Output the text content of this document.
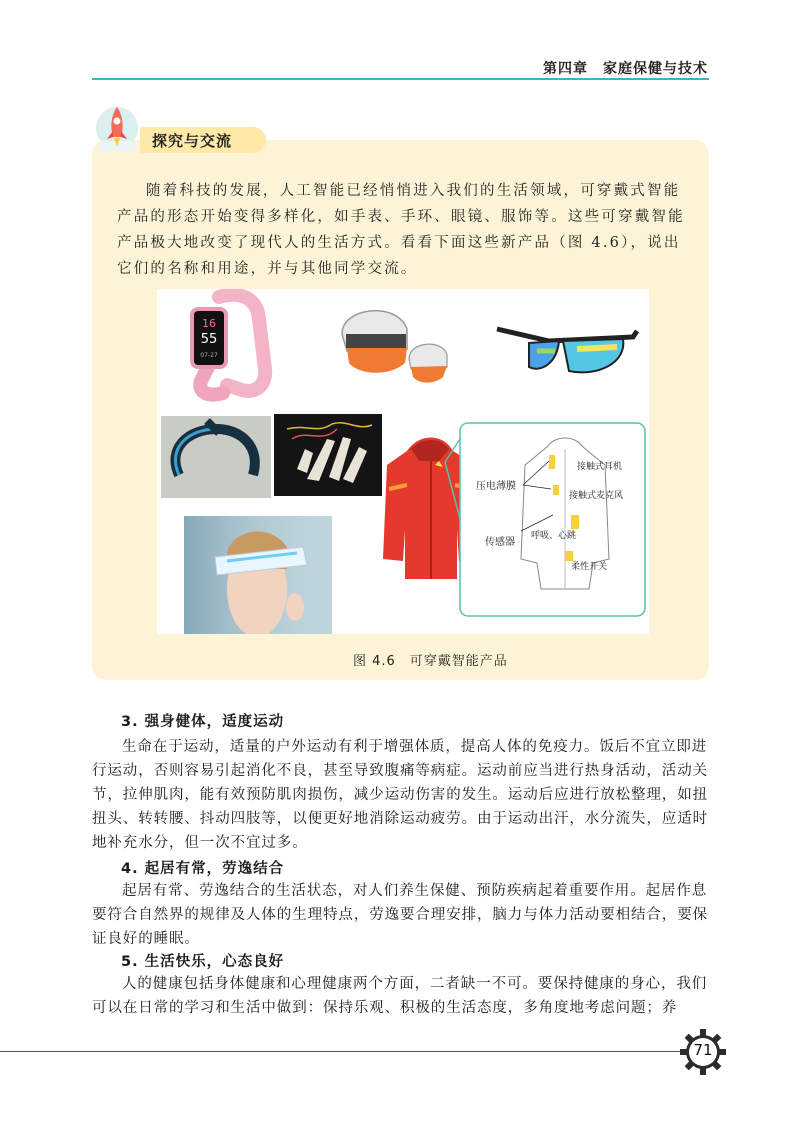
第四章　家庭保健与技术
探究与交流

随着科技的发展，人工智能已经悄悄进入我们的生活领域，可穿戴式智能产品的形态开始变得多样化，如手表、手环、眼镜、服饰等。这些可穿戴智能产品极大地改变了现代人的生活方式。看看下面这些新产品（图 4.6），说出它们的名称和用途，并与其他同学交流。

16
55
07-27
压电薄膜
接触式耳机
接触式麦克风
传感器
呼吸、心跳
柔性开关
图 4.6　可穿戴智能产品
3. 强身健体，适度运动

生命在于运动，适量的户外运动有利于增强体质，提高人体的免疫力。饭后不宜立即进行运动，否则容易引起消化不良，甚至导致腹痛等病症。运动前应当进行热身活动，活动关节，拉伸肌肉，能有效预防肌肉损伤，减少运动伤害的发生。运动后应进行放松整理，如扭扭头、转转腰、抖动四肢等，以便更好地消除运动疲劳。由于运动出汗，水分流失，应适时地补充水分，但一次不宜过多。

4. 起居有常，劳逸结合

起居有常、劳逸结合的生活状态，对人们养生保健、预防疾病起着重要作用。起居作息要符合自然界的规律及人体的生理特点，劳逸要合理安排，脑力与体力活动要相结合，要保证良好的睡眠。

5. 生活快乐，心态良好

人的健康包括身体健康和心理健康两个方面，二者缺一不可。要保持健康的身心，我们可以在日常的学习和生活中做到：保持乐观、积极的生活态度，多角度地考虑问题；养

71
